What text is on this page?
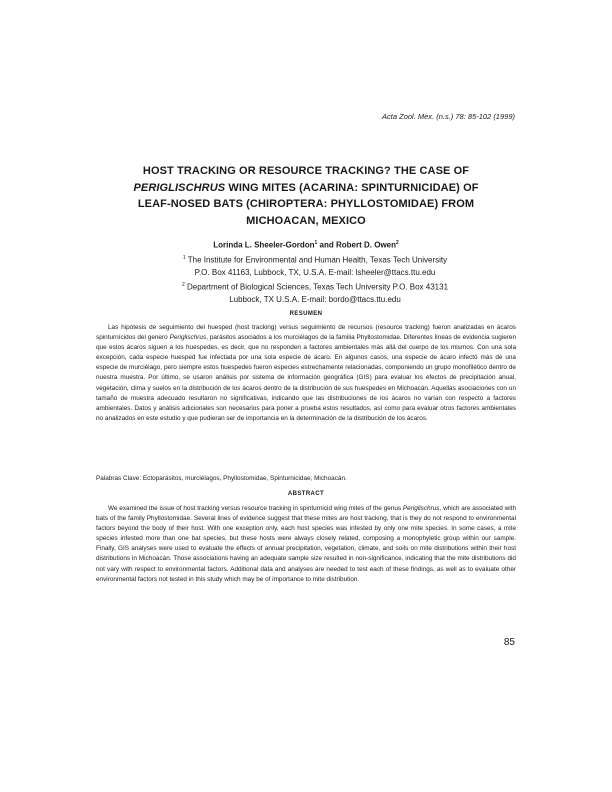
Acta Zool. Mex. (n.s.) 78: 85-102 (1999)
HOST TRACKING OR RESOURCE TRACKING? THE CASE OF
PERIGLISCHRUS WING MITES (ACARINA: SPINTURNICIDAE) OF
LEAF-NOSED BATS (CHIROPTERA: PHYLLOSTOMIDAE) FROM
MICHOACAN, MEXICO
Lorinda L. Sheeler-Gordon$^1$ and Robert D. Owen$^2$
$^1$ The Institute for Environmental and Human Health, Texas Tech University
P.O. Box 41163, Lubbock, TX, U.S.A. E-mail: lsheeler@ttacs.ttu.edu
$^2$ Department of Biological Sciences, Texas Tech University P.O. Box 43131
Lubbock, TX U.S.A. E-mail: bordo@ttacs.ttu.edu
RESUMEN

Las hipótesis de seguimiento del huesped (host tracking) versus seguimiento de recursos (resource tracking) fueron analizadas en ácaros spinturnícidos del genero Periglischrus, parásitos asociados a los murciélagos de la familia Phyllostomidae. Diferentes líneas de evidencia sugieren que estos ácaros siguen a los huespedes, es decir, que no responden a factores ambientales más allá del cuerpo de los mismos. Con una sola excepción, cada especie huesped fue infectada por una sola especie de ácaro. En algunos casos, una especie de ácaro infectó más de una especie de murciélago, pero siempre estos huespedes fueron especies estrechamente relacionadas, componiendo un grupo monofilético dentro de nuestra muestra. Por último, se usaron análisis por sistema de información geográfica (GIS) para evaluar los efectos de precipitación anual, vegetación, clima y suelos en la distribución de los ácaros dentro de la distribución de sus huespedes en Michoacán. Aquellas asociaciones con un tamaño de muestra adecuado resultaron no significativas, indicando que las distribuciones de los ácaros no varían con respecto a factores ambientales. Datos y análisis adicionales son necesarios para poner a prueba estos resultados, así como para evaluar otros factores ambientales no analizados en este estudio y que pudieran ser de importancia en la determinación de la distribución de los ácaros.

Palabras Clave: Ectoparásitos, murciélagos, Phyllostomidae, Spinturnicidae, Michoacán.

ABSTRACT

We examined the issue of host tracking versus resource tracking in spinturnicid wing mites of the genus Periglischrus, which are associated with bats of the family Phyllostomidae. Several lines of evidence suggest that these mites are host tracking, that is they do not respond to environmental factors beyond the body of their host. With one exception only, each host species was infested by only one mite species. In some cases, a mite species infested more than one bat species, but these hosts were always closely related, composing a monophyletic group within our sample. Finally, GIS analyses were used to evaluate the effects of annual precipitation, vegetation, climate, and soils on mite distributions within their host distributions in Michoacán. Those associations having an adequate sample size resulted in non-significance, indicating that the mite distributions did not vary with respect to environmental factors. Additional data and analyses are needed to test each of these findings, as well as to evaluate other environmental factors not tested in this study which may be of importance to mite distribution.

85
